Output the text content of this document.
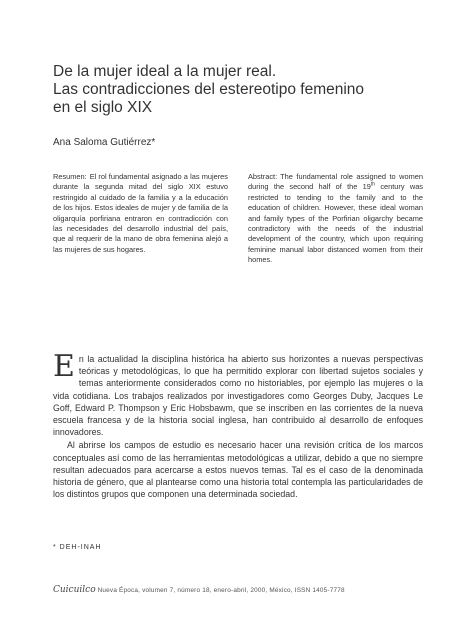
De la mujer ideal a la mujer real.
Las contradicciones del estereotipo femenino
en el siglo XIX
Ana Saloma Gutiérrez*
Resumen: El rol fundamental asignado a las mujeres durante la segunda mitad del siglo XIX estuvo restringido al cuidado de la familia y a la educación de los hijos. Estos ideales de mujer y de familia de la oligarquía porfiriana entraron en contradicción con las necesidades del desarrollo industrial del país, que al requerir de la mano de obra femenina alejó a las mujeres de sus hogares.
Abstract: The fundamental role assigned to women during the second half of the 19th century was restricted to tending to the family and to the education of children. However, these ideal woman and family types of the Porfirian oligarchy became contradictory with the needs of the industrial development of the country, which upon requiring feminine manual labor distanced women from their homes.

En la actualidad la disciplina histórica ha abierto sus horizontes a nuevas perspectivas teóricas y metodológicas, lo que ha permitido explorar con libertad sujetos sociales y temas anteriormente considerados como no historiables, por ejemplo las mujeres o la vida cotidiana. Los trabajos realizados por investigadores como Georges Duby, Jacques Le Goff, Edward P. Thompson y Eric Hobsbawm, que se inscriben en las corrientes de la nueva escuela francesa y de la historia social inglesa, han contribuido al desarrollo de enfoques innovadores.

Al abrirse los campos de estudio es necesario hacer una revisión crítica de los marcos conceptuales así como de las herramientas metodológicas a utilizar, debido a que no siempre resultan adecuados para acercarse a estos nuevos temas. Tal es el caso de la denominada historia de género, que al plantearse como una historia total contempla las particularidades de los distintos grupos que componen una determinada sociedad.

* DEH-INAH
Cuicuilco Nueva Época, volumen 7, número 18, enero-abril, 2000, México, ISSN 1405-7778
